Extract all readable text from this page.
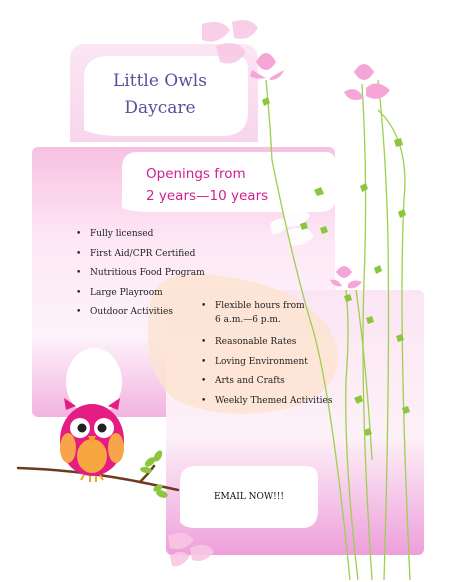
Little Owls
Daycare
Openings from
2 years—10 years
• Fully licensed
• First Aid/CPR Certified
• Nutritious Food Program
• Large Playroom
• Outdoor Activities
• Flexible hours from
6 a.m.—6 p.m.
• Reasonable Rates
• Loving Environment
• Arts and Crafts
• Weekly Themed Activities
EMAIL NOW!!!
